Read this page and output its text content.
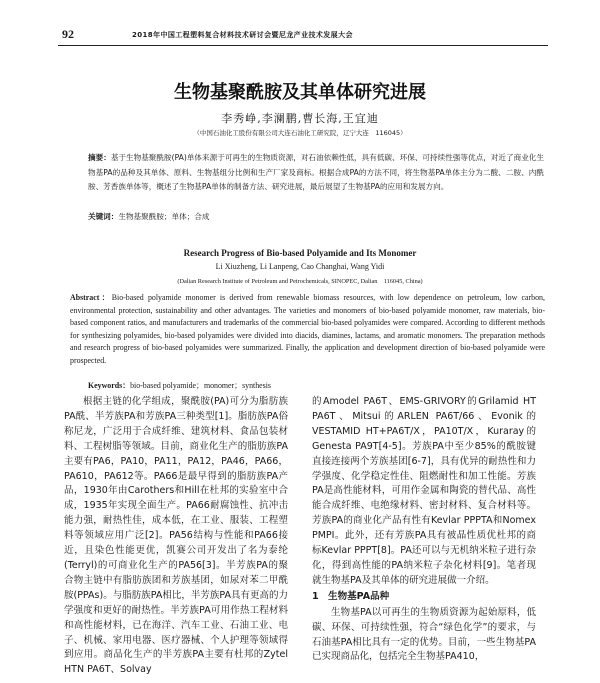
92	2018年中国工程塑料复合材料技术研讨会暨尼龙产业技术发展大会
生物基聚酰胺及其单体研究进展
李秀峥,李澜鹏,曹长海,王宜迪
（中国石油化工股份有限公司大连石油化工研究院，辽宁大连　116045）
摘要：基于生物基聚酰胺(PA)单体来源于可再生的生物质资源，对石油依赖性低，具有低碳、环保、可持续性强等优点，对近了商业化生物基PA的品种及其单体、原料、生物基组分比例和生产厂家及商标。根据合成PA的方法不同，将生物基PA单体主分为二酸、二胺、内酰胺、芳香族单体等，概述了生物基PA单体的制备方法、研究进展，最后展望了生物基PA的应用和发展方向。
关键词：生物基聚酰胺；单体；合成
Research Progress of Bio-based Polyamide and Its Monomer
Li Xiuzheng, Li Lanpeng, Cao Changhai, Wang Yidi
(Dalian Research Institute of Petroleum and Petrochemicals, SINOPEC, Dalian　116045, China)
Abstract：Bio-based polyamide monomer is derived from renewable biomass resources, with low dependence on petroleum, low carbon, environmental protection, sustainability and other advantages. The varieties and monomers of bio-based polyamide monomer, raw materials, bio-based component ratios, and manufacturers and trademarks of the commercial bio-based polyamides were compared. According to different methods for synthesizing polyamides, bio-based polyamides were divided into diacids, diamines, lactams, and aromatic monomers. The preparation methods and research progress of bio-based polyamides were summarized. Finally, the application and development direction of bio-based polyamide were prospected.
Keywords：bio-based polyamide；monomer；synthesis

根据主链的化学组成，聚酰胺(PA)可分为脂肪族PA酰、半芳族PA和芳族PA三种类型[1]。脂肪族PA俗称尼龙，广泛用于合成纤维、建筑材料、食品包装材料、工程树脂等领域。目前，商业化生产的脂肪族PA主要有PA6，PA10，PA11，PA12，PA46，PA66，PA610，PA612等。PA66是最早得到的脂肪族PA产品，1930年由Carothers和Hill在杜邦的实验室中合成，1935年实现全面生产。PA66耐腐蚀性、抗冲击能力强，耐热性佳，成本低，在工业、服装、工程塑料等领域应用广泛[2]。PA56结构与性能和PA66接近，且染色性能更优，凯赛公司开发出了名为泰纶(Terryl)的可商业化生产的PA56[3]。半芳族PA的聚合物主链中有脂肪族团和芳族基团，如尿对苯二甲酰胺(PPAs)。与脂肪族PA相比，半芳族PA具有更高的力学强度和更好的耐热性。半芳族PA可用作热工程材料和高性能材料，已在海洋、汽车工业、石油工业、电子、机械、家用电器、医疗器械、个人护理等领域得到应用。商品化生产的半芳族PA主要有杜邦的Zytel HTN PA6T、Solvay

的Amodel PA6T、EMS-GRIVORY的Grilamid HT PA6T、Mitsui的ARLEN PA6T/66、Evonik的VESTAMID HT+PA6T/X，PA10T/X，Kuraray的Genesta PA9T[4-5]。芳族PA中至少85%的酰胺键直接连接两个芳族基团[6-7]，具有优异的耐热性和力学强度、化学稳定性佳、阻燃耐性和加工性能。芳族PA是高性能材料，可用作金属和陶瓷的替代品、高性能合成纤维、电绝缘材料、密封材料、复合材料等。芳族PA的商业化产品有性有Kevlar PPPTA和Nomex PMPI。此外，还有芳族PA具有被晶性质优杜邦的商标Kevlar PPPT[8]。PA还可以与无机纳米粒子进行杂化，得到高性能的PA纳米粒子杂化材料[9]。笔者现就生物基PA及其单体的研究进展做一介绍。

1　 生物基PA品种

生物基PA以可再生的生物质资源为起始原料，低碳、环保、可持续性强，符合“绿色化学”的要求，与石油基PA相比具有一定的优势。目前，一些生物基PA已实现商品化，包括完全生物基PA410，
